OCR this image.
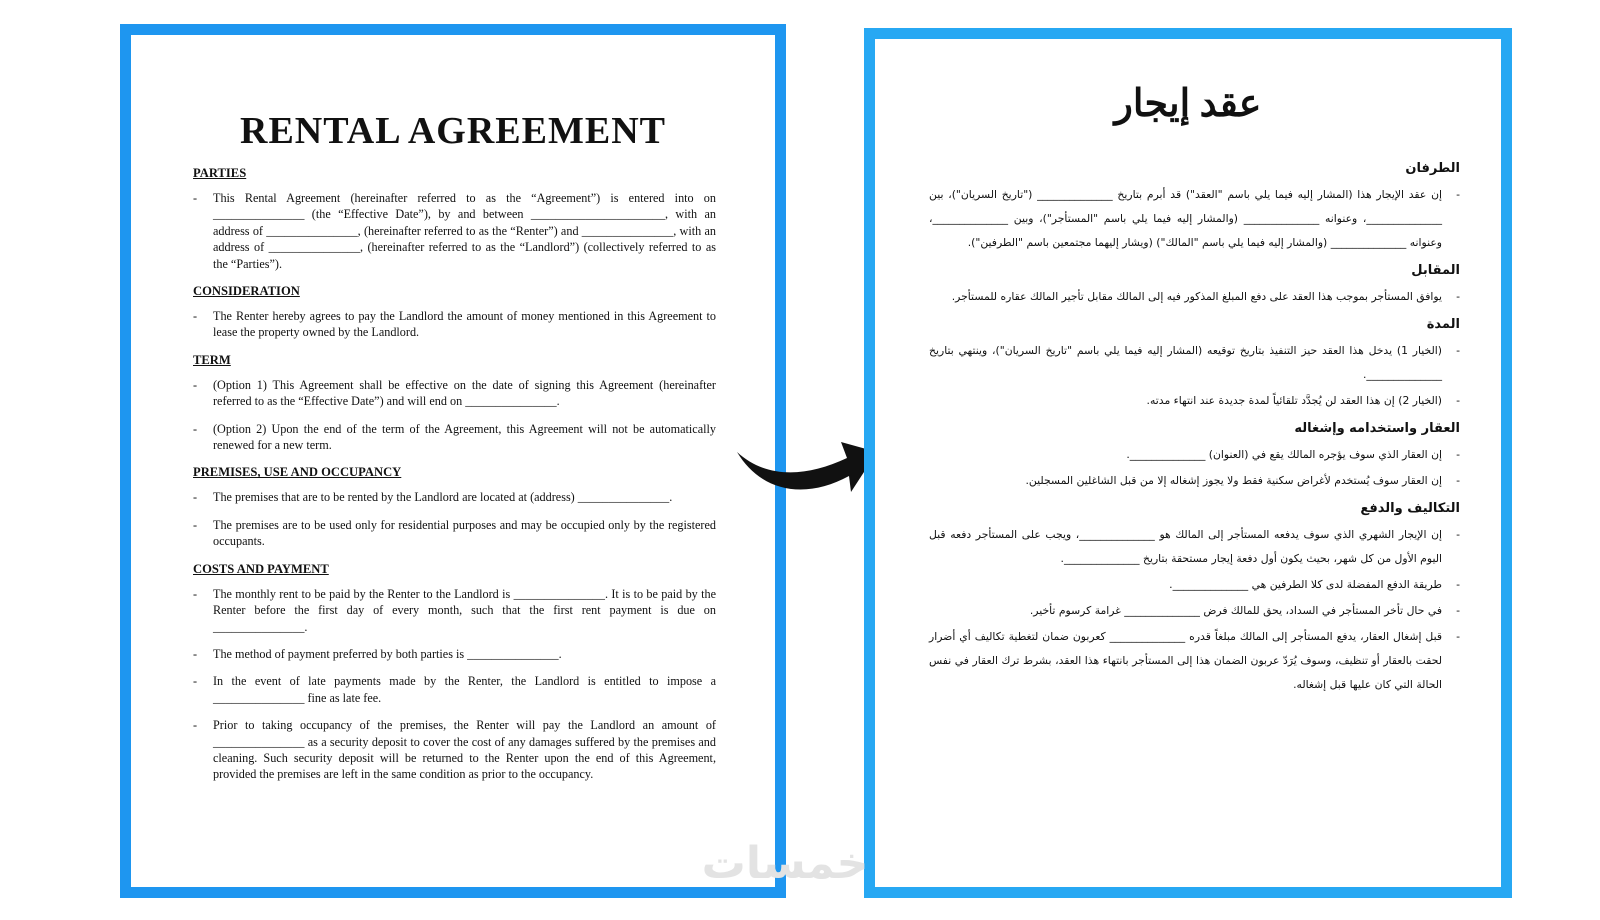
RENTAL AGREEMENT
PARTIES
- This Rental Agreement (hereinafter referred to as the “Agreement”) is entered into on _______________ (the “Effective Date”), by and between ______________________, with an address of _______________, (hereinafter referred to as the “Renter”) and _______________, with an address of _______________, (hereinafter referred to as the “Landlord”) (collectively referred to as the “Parties”).
CONSIDERATION
- The Renter hereby agrees to pay the Landlord the amount of money mentioned in this Agreement to lease the property owned by the Landlord.
TERM
- (Option 1) This Agreement shall be effective on the date of signing this Agreement (hereinafter referred to as the “Effective Date”) and will end on _______________.
- (Option 2) Upon the end of the term of the Agreement, this Agreement will not be automatically renewed for a new term.
PREMISES, USE AND OCCUPANCY
- The premises that are to be rented by the Landlord are located at (address) _______________.
- The premises are to be used only for residential purposes and may be occupied only by the registered occupants.
COSTS AND PAYMENT
- The monthly rent to be paid by the Renter to the Landlord is _______________. It is to be paid by the Renter before the first day of every month, such that the first rent payment is due on _______________.
- The method of payment preferred by both parties is _______________.
- In the event of late payments made by the Renter, the Landlord is entitled to impose a _______________ fine as late fee.
- Prior to taking occupancy of the premises, the Renter will pay the Landlord an amount of _______________ as a security deposit to cover the cost of any damages suffered by the premises and cleaning. Such security deposit will be returned to the Renter upon the end of this Agreement, provided the premises are left in the same condition as prior to the occupancy.
عقد إيجار
الطرفان
- إن عقد الإيجار هذا (المشار إليه فيما يلي باسم "العقد") قد أبرم بتاريخ ______________ ("تاريخ السريان")، بين ______________، وعنوانه ______________ (والمشار إليه فيما يلي باسم "المستأجر")، وبين ______________، وعنوانه ______________ (والمشار إليه فيما يلي باسم "المالك") (ويشار إليهما مجتمعين باسم "الطرفين").
المقابل
- يوافق المستأجر بموجب هذا العقد على دفع المبلغ المذكور فيه إلى المالك مقابل تأجير المالك عقاره للمستأجر.
المدة
- (الخيار 1) يدخل هذا العقد حيز التنفيذ بتاريخ توقيعه (المشار إليه فيما يلي باسم "تاريخ السريان")، وينتهي بتاريخ ______________.
- (الخيار 2) إن هذا العقد لن يُجدَّد تلقائياً لمدة جديدة عند انتهاء مدته.
العقار واستخدامه وإشغاله
- إن العقار الذي سوف يؤجره المالك يقع في (العنوان) ______________.
- إن العقار سوف يُستخدم لأغراض سكنية فقط ولا يجوز إشغاله إلا من قبل الشاغلين المسجلين.
التكاليف والدفع
- إن الإيجار الشهري الذي سوف يدفعه المستأجر إلى المالك هو ______________، ويجب على المستأجر دفعه قبل اليوم الأول من كل شهر، بحيث يكون أول دفعة إيجار مستحقة بتاريخ ______________.
- طريقة الدفع المفضلة لدى كلا الطرفين هي ______________.
- في حال تأخر المستأجر في السداد، يحق للمالك فرض ______________ غرامة كرسوم تأخير.
- قبل إشغال العقار، يدفع المستأجر إلى المالك مبلغاً قدره ______________ كعربون ضمان لتغطية تكاليف أي أضرار لحقت بالعقار أو تنظيف، وسوف يُرَدّ عربون الضمان هذا إلى المستأجر بانتهاء هذا العقد، بشرط ترك العقار في نفس الحالة التي كان عليها قبل إشغاله.
خمسات
